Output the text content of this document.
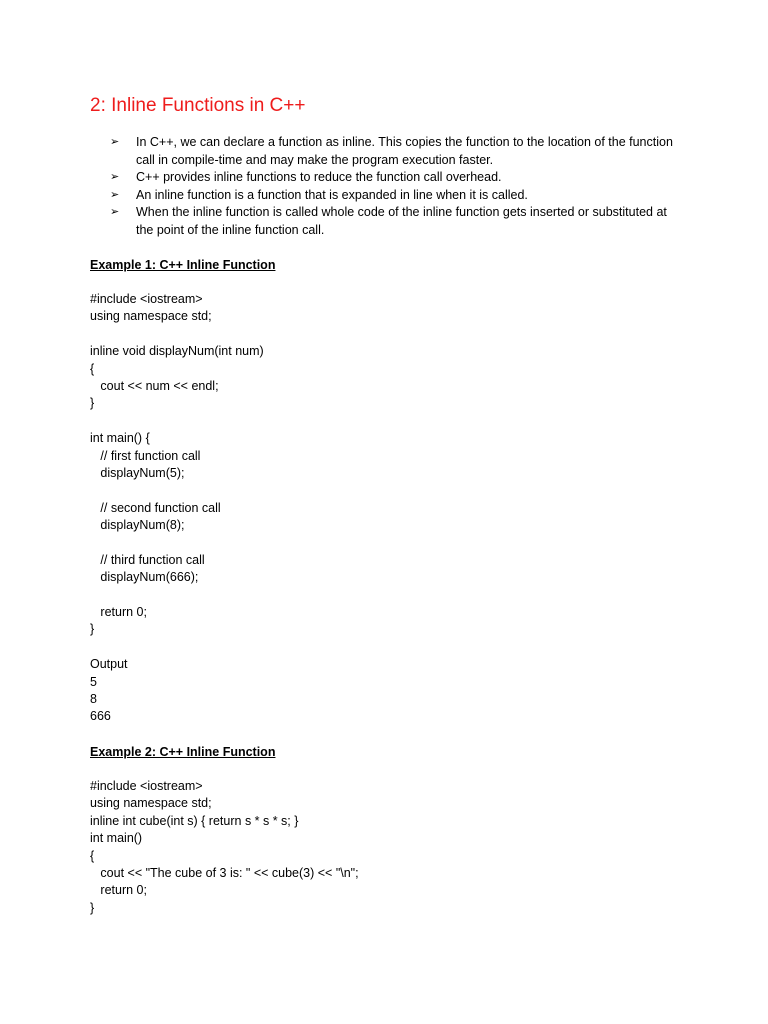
2: Inline Functions in C++
➢ In C++, we can declare a function as inline. This copies the function to the location of the function call in compile-time and may make the program execution faster.
➢ C++ provides inline functions to reduce the function call overhead.
➢ An inline function is a function that is expanded in line when it is called.
➢ When the inline function is called whole code of the inline function gets inserted or substituted at the point of the inline function call.
Example 1: C++ Inline Function
#include <iostream>
using namespace std;
inline void displayNum(int num)
{
cout << num << endl;
}
int main() {
// first function call
displayNum(5);
// second function call
displayNum(8);
// third function call
displayNum(666);
return 0;
}
Output
5
8
666
Example 2: C++ Inline Function
#include <iostream>
using namespace std;
inline int cube(int s) { return s * s * s; }
int main()
{
cout << "The cube of 3 is: " << cube(3) << "\n";
return 0;
}
